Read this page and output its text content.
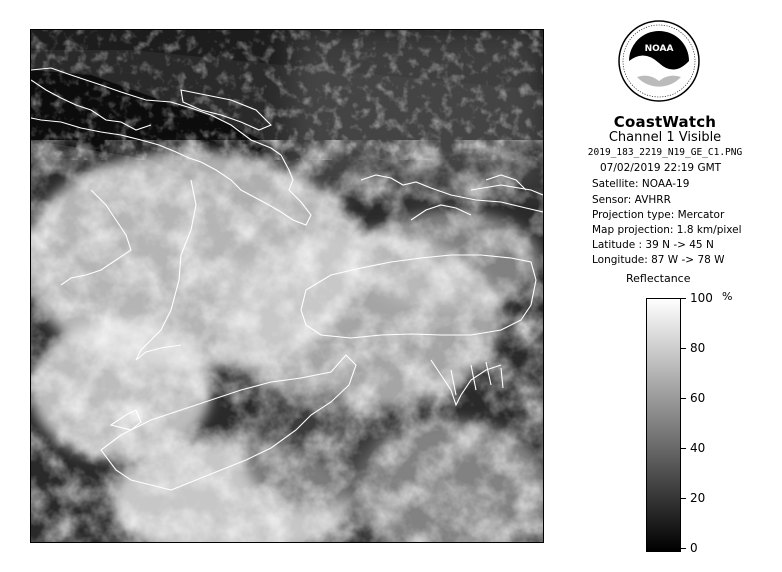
NOAA
CoastWatch
Channel 1 Visible
2019_183_2219_N19_GE_C1.PNG
07/02/2019 22:19 GMT
Satellite: NOAA-19
Sensor: AVHRR
Projection type: Mercator
Map projection: 1.8 km/pixel
Latitude : 39 N -> 45 N
Longitude: 87 W -> 78 W
Reflectance
%
100
80
60
40
20
0
